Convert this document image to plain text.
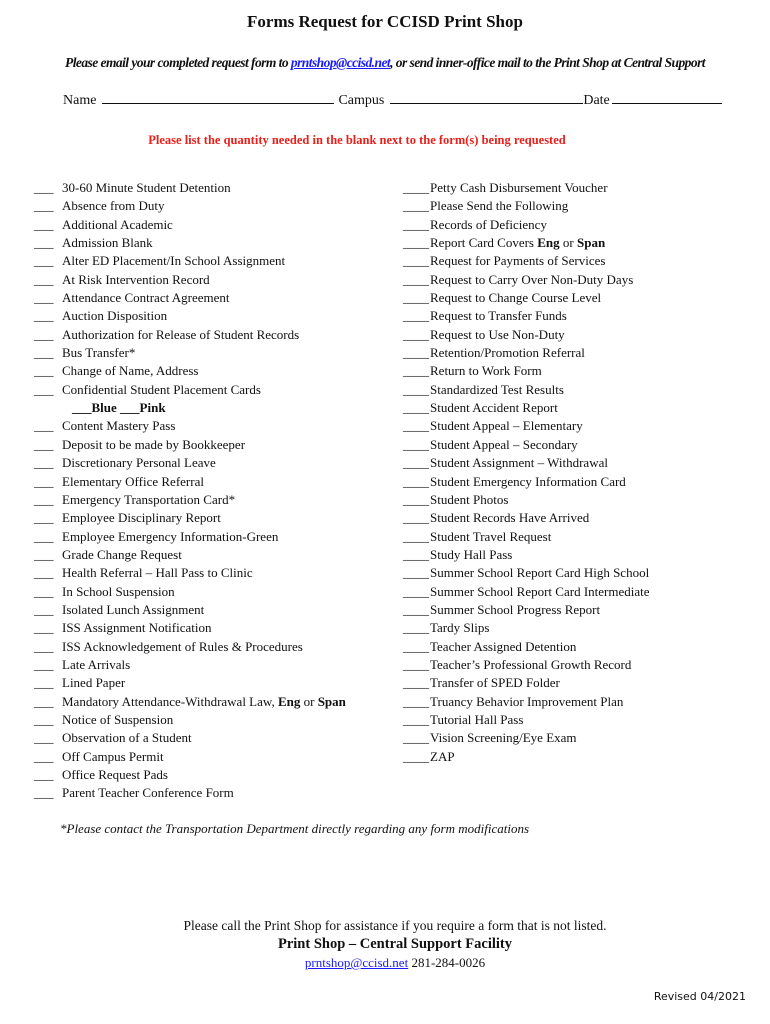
Forms Request for CCISD Print Shop
Please email your completed request form to prntshop@ccisd.net, or send inner-office mail to the Print Shop at Central Support
Name	Campus	Date
Please list the quantity needed in the blank next to the form(s) being requested
___ 30-60 Minute Student Detention
___ Absence from Duty
___ Additional Academic
___ Admission Blank
___ Alter ED Placement/In School Assignment
___ At Risk Intervention Record
___ Attendance Contract Agreement
___ Auction Disposition
___ Authorization for Release of Student Records
___ Bus Transfer*
___ Change of Name, Address
___ Confidential Student Placement Cards
___Blue ___Pink
___ Content Mastery Pass
___ Deposit to be made by Bookkeeper
___ Discretionary Personal Leave
___ Elementary Office Referral
___ Emergency Transportation Card*
___ Employee Disciplinary Report
___ Employee Emergency Information-Green
___ Grade Change Request
___ Health Referral – Hall Pass to Clinic
___ In School Suspension
___ Isolated Lunch Assignment
___ ISS Assignment Notification
___ ISS Acknowledgement of Rules & Procedures
___ Late Arrivals
___ Lined Paper
___ Mandatory Attendance-Withdrawal Law, Eng or Span
___ Notice of Suspension
___ Observation of a Student
___ Off Campus Permit
___ Office Request Pads
___ Parent Teacher Conference Form
____Petty Cash Disbursement Voucher
____Please Send the Following
____Records of Deficiency
____Report Card Covers Eng or Span
____Request for Payments of Services
____Request to Carry Over Non-Duty Days
____Request to Change Course Level
____Request to Transfer Funds
____Request to Use Non-Duty
____Retention/Promotion Referral
____Return to Work Form
____Standardized Test Results
____Student Accident Report
____Student Appeal – Elementary
____Student Appeal – Secondary
____Student Assignment – Withdrawal
____Student Emergency Information Card
____Student Photos
____Student Records Have Arrived
____Student Travel Request
____Study Hall Pass
____Summer School Report Card High School
____Summer School Report Card Intermediate
____Summer School Progress Report
____Tardy Slips
____Teacher Assigned Detention
____Teacher’s Professional Growth Record
____Transfer of SPED Folder
____Truancy Behavior Improvement Plan
____Tutorial Hall Pass
____Vision Screening/Eye Exam
____ZAP
*Please contact the Transportation Department directly regarding any form modifications
Please call the Print Shop for assistance if you require a form that is not listed.
Print Shop – Central Support Facility
prntshop@ccisd.net 281-284-0026
Revised 04/2021
